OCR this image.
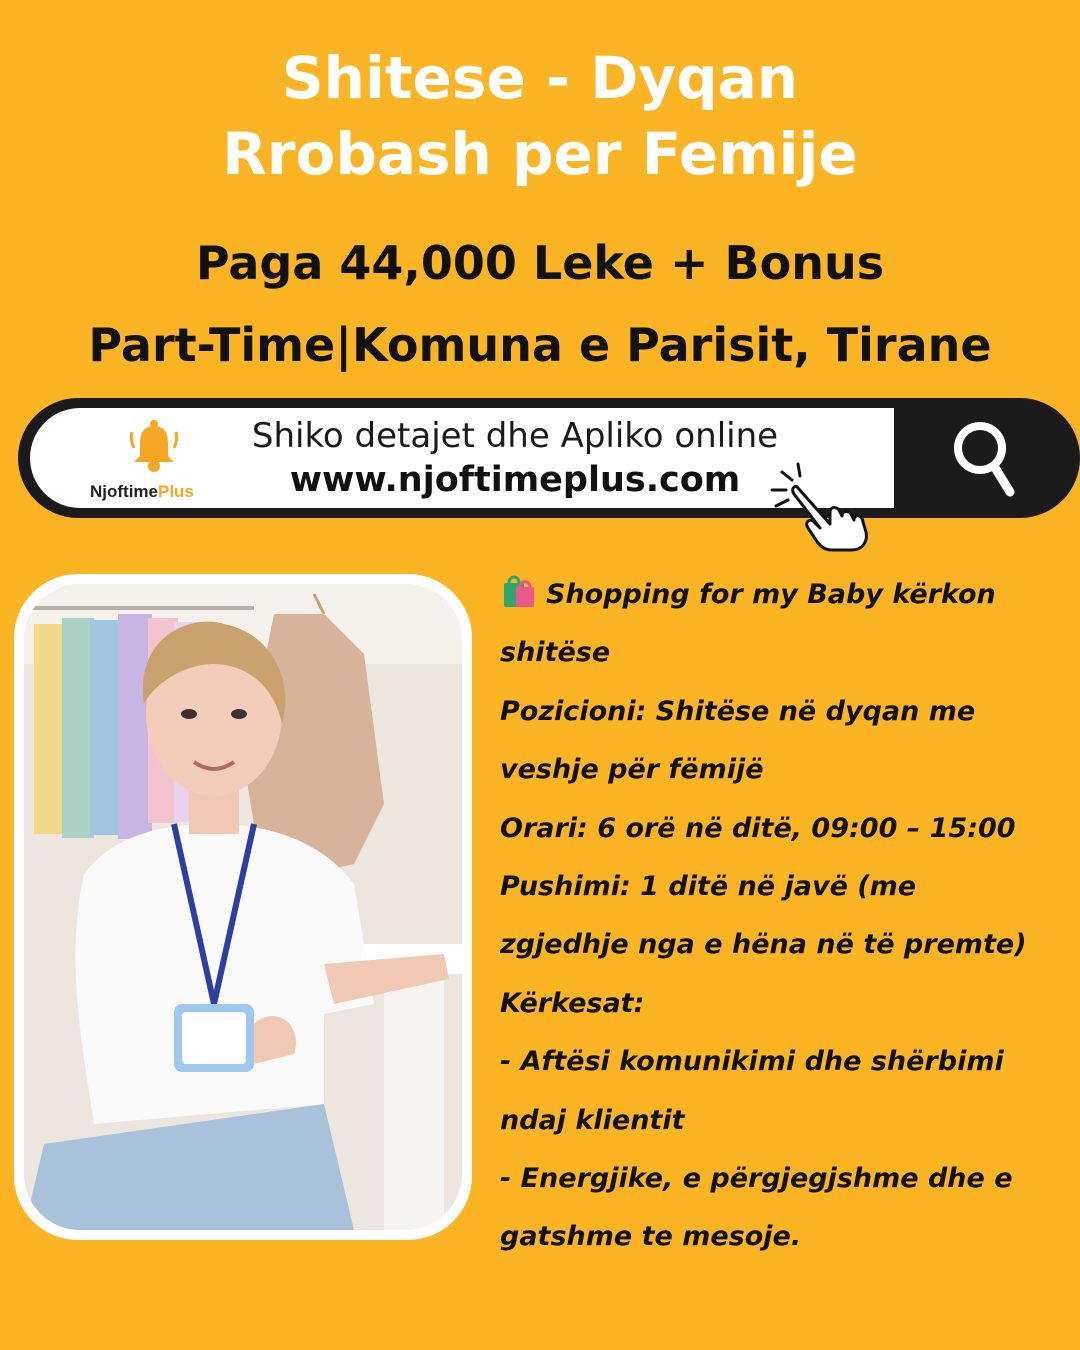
Shitese - Dyqan
Rrobash per Femije
Paga 44,000 Leke + Bonus
Part-Time|Komuna e Parisit, Tirane
NjoftimePlus
Shiko detajet dhe Apliko online
www.njoftimeplus.com
Shopping for my Baby kërkon
shitëse
Pozicioni: Shitëse në dyqan me
veshje për fëmijë
Orari: 6 orë në ditë, 09:00 – 15:00
Pushimi: 1 ditë në javë (me
zgjedhje nga e hëna në të premte)
Kërkesat:
- Aftësi komunikimi dhe shërbimi
ndaj klientit
- Energjike, e përgjegjshme dhe e
gatshme te mesoje.
